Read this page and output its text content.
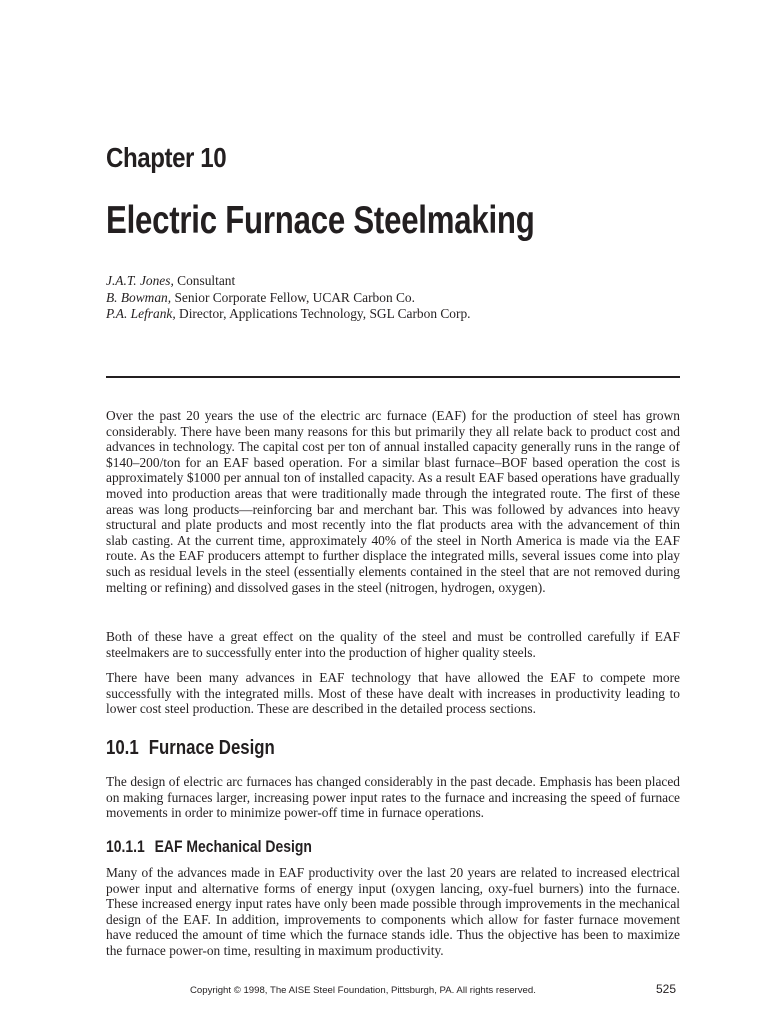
Chapter 10
Electric Furnace Steelmaking
J.A.T. Jones, Consultant
B. Bowman, Senior Corporate Fellow, UCAR Carbon Co.
P.A. Lefrank, Director, Applications Technology, SGL Carbon Corp.

Over the past 20 years the use of the electric arc furnace (EAF) for the production of steel has grown considerably. There have been many reasons for this but primarily they all relate back to product cost and advances in technology. The capital cost per ton of annual installed capacity generally runs in the range of $140–200/ton for an EAF based operation. For a similar blast furnace–BOF based operation the cost is approximately $1000 per annual ton of installed capacity. As a result EAF based operations have gradually moved into production areas that were traditionally made through the integrated route. The first of these areas was long products—reinforcing bar and merchant bar. This was followed by advances into heavy structural and plate products and most recently into the flat products area with the advancement of thin slab casting. At the current time, approximately 40% of the steel in North America is made via the EAF route. As the EAF producers attempt to further displace the integrated mills, several issues come into play such as residual levels in the steel (essentially elements contained in the steel that are not removed during melting or refining) and dissolved gases in the steel (nitrogen, hydrogen, oxygen).

Both of these have a great effect on the quality of the steel and must be controlled carefully if EAF steelmakers are to successfully enter into the production of higher quality steels.

There have been many advances in EAF technology that have allowed the EAF to compete more successfully with the integrated mills. Most of these have dealt with increases in productivity leading to lower cost steel production. These are described in the detailed process sections.

10.1 Furnace Design

The design of electric arc furnaces has changed considerably in the past decade. Emphasis has been placed on making furnaces larger, increasing power input rates to the furnace and increasing the speed of furnace movements in order to minimize power-off time in furnace operations.

10.1.1 EAF Mechanical Design

Many of the advances made in EAF productivity over the last 20 years are related to increased electrical power input and alternative forms of energy input (oxygen lancing, oxy-fuel burners) into the furnace. These increased energy input rates have only been made possible through improvements in the mechanical design of the EAF. In addition, improvements to components which allow for faster furnace movement have reduced the amount of time which the furnace stands idle. Thus the objective has been to maximize the furnace power-on time, resulting in maximum productivity.

Copyright © 1998, The AISE Steel Foundation, Pittsburgh, PA. All rights reserved.	525
